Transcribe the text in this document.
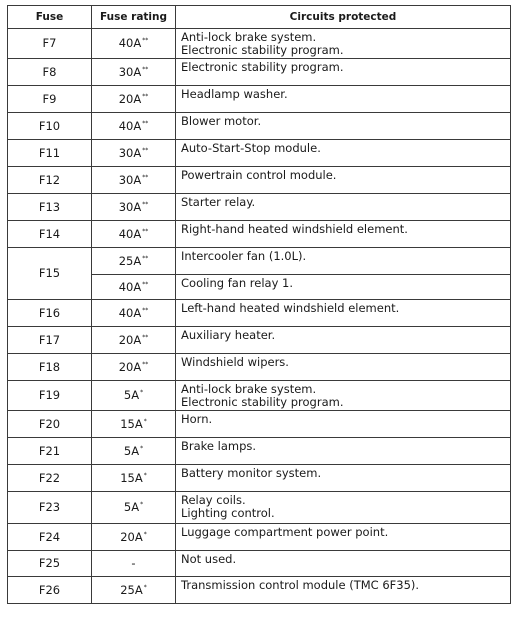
Fuse	Fuse rating	Circuits protected
F7	40A**	Anti-lock brake system.
Electronic stability program.

F8	30A**	Electronic stability program.

F9	20A**	Headlamp washer.

F10	40A**	Blower motor.

F11	30A**	Auto-Start-Stop module.

F12	30A**	Powertrain control module.

F13	30A**	Starter relay.

F14	40A**	Right-hand heated windshield element.

F15	25A**	Intercooler fan (1.0L).

	40A**	Cooling fan relay 1.

F16	40A**	Left-hand heated windshield element.

F17	20A**	Auxiliary heater.

F18	20A**	Windshield wipers.

F19	5A*	Anti-lock brake system.
Electronic stability program.

F20	15A*	Horn.

F21	5A*	Brake lamps.

F22	15A*	Battery monitor system.

F23	5A*	Relay coils.
Lighting control.

F24	20A*	Luggage compartment power point.

F25	-	Not used.

F26	25A*	Transmission control module (TMC 6F35).
